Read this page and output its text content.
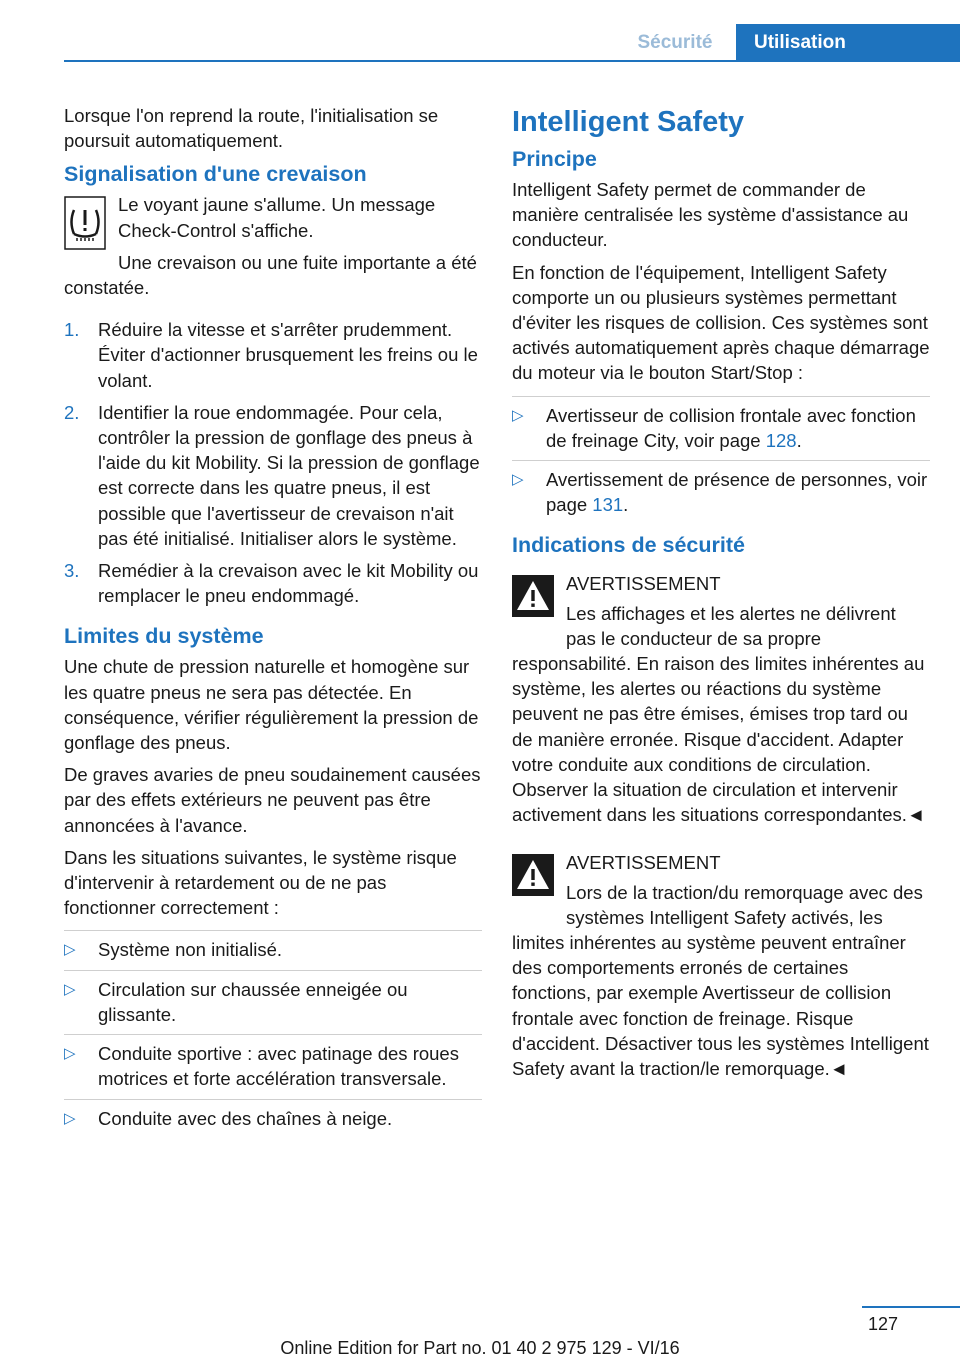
Sécurité	Utilisation

Lorsque l'on reprend la route, l'initialisation se poursuit automatiquement.

Signalisation d'une crevaison

Le voyant jaune s'allume. Un message Check-Control s'affiche.

Une crevaison ou une fuite importante a été constatée.

1.	Réduire la vitesse et s'arrêter prudemment. Éviter d'actionner brusquement les freins ou le volant.
2.	Identifier la roue endommagée. Pour cela, contrôler la pression de gonflage des pneus à l'aide du kit Mobility. Si la pression de gonflage est correcte dans les quatre pneus, il est possible que l'avertisseur de crevaison n'ait pas été initialisé. Initialiser alors le système.
3.	Remédier à la crevaison avec le kit Mobility ou remplacer le pneu endommagé.
Limites du système

Une chute de pression naturelle et homogène sur les quatre pneus ne sera pas détectée. En conséquence, vérifier régulièrement la pression de gonflage des pneus.

De graves avaries de pneu soudainement causées par des effets extérieurs ne peuvent pas être annoncées à l'avance.

Dans les situations suivantes, le système risque d'intervenir à retardement ou de ne pas fonctionner correctement :

▷	Système non initialisé.
▷	Circulation sur chaussée enneigée ou glissante.
▷	Conduite sportive : avec patinage des roues motrices et forte accélération transversale.
▷	Conduite avec des chaînes à neige.
Intelligent Safety
Principe

Intelligent Safety permet de commander de manière centralisée les système d'assistance au conducteur.

En fonction de l'équipement, Intelligent Safety comporte un ou plusieurs systèmes permettant d'éviter les risques de collision. Ces systèmes sont activés automatiquement après chaque démarrage du moteur via le bouton Start/Stop :

▷	Avertisseur de collision frontale avec fonction de freinage City, voir page 128.
▷	Avertissement de présence de personnes, voir page 131.
Indications de sécurité

AVERTISSEMENT

Les affichages et les alertes ne délivrent pas le conducteur de sa propre responsabilité. En raison des limites inhérentes au système, les alertes ou réactions du système peuvent ne pas être émises, émises trop tard ou de manière erronée. Risque d'accident. Adapter votre conduite aux conditions de circulation. Observer la situation de circulation et intervenir activement dans les situations correspondantes.◄

AVERTISSEMENT

Lors de la traction/du remorquage avec des systèmes Intelligent Safety activés, les limites inhérentes au système peuvent entraîner des comportements erronés de certaines fonctions, par exemple Avertisseur de collision frontale avec fonction de freinage. Risque d'accident. Désactiver tous les systèmes Intelligent Safety avant la traction/le remorquage.◄

127
Online Edition for Part no. 01 40 2 975 129 - VI/16
